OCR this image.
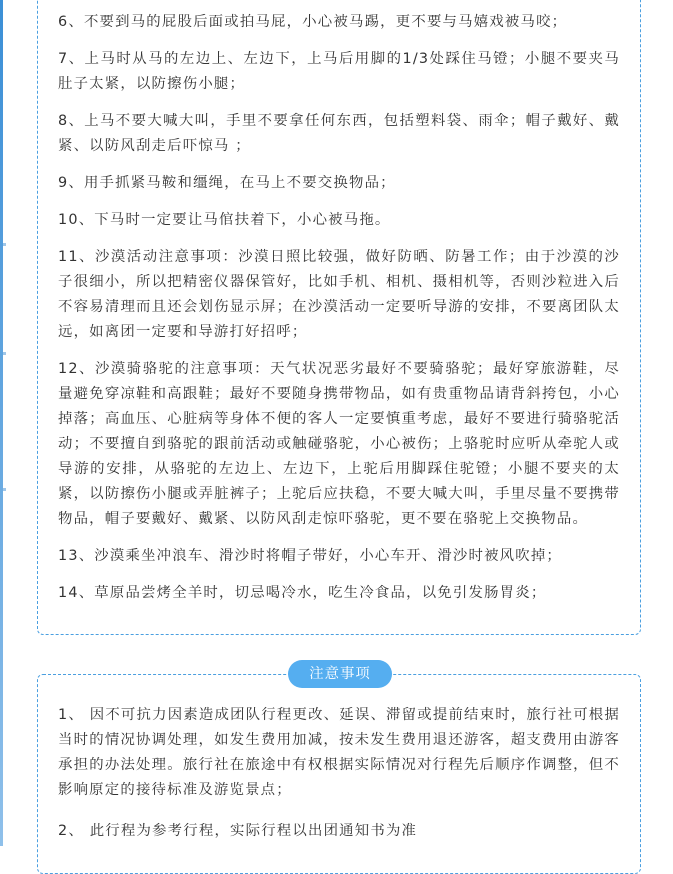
6、不要到马的屁股后面或拍马屁，小心被马踢，更不要与马嬉戏被马咬；

7、上马时从马的左边上、左边下，上马后用脚的1/3处踩住马镫；小腿不要夹马肚子太紧，以防擦伤小腿；

8、上马不要大喊大叫，手里不要拿任何东西，包括塑料袋、雨伞；帽子戴好、戴紧、以防风刮走后吓惊马 ；

9、用手抓紧马鞍和缰绳，在马上不要交换物品；

10、下马时一定要让马倌扶着下，小心被马拖。

11、沙漠活动注意事项：沙漠日照比较强，做好防晒、防暑工作；由于沙漠的沙子很细小，所以把精密仪器保管好，比如手机、相机、摄相机等，否则沙粒进入后不容易清理而且还会划伤显示屏；在沙漠活动一定要听导游的安排，不要离团队太远，如离团一定要和导游打好招呼；

12、沙漠骑骆驼的注意事项：天气状况恶劣最好不要骑骆驼；最好穿旅游鞋，尽量避免穿凉鞋和高跟鞋；最好不要随身携带物品，如有贵重物品请背斜挎包，小心掉落；高血压、心脏病等身体不便的客人一定要慎重考虑，最好不要进行骑骆驼活动；不要擅自到骆驼的跟前活动或触碰骆驼，小心被伤；上骆驼时应听从牵驼人或导游的安排，从骆驼的左边上、左边下，上驼后用脚踩住驼镫；小腿不要夹的太紧，以防擦伤小腿或弄脏裤子；上驼后应扶稳，不要大喊大叫，手里尽量不要携带物品，帽子要戴好、戴紧、以防风刮走惊吓骆驼，更不要在骆驼上交换物品。

13、沙漠乘坐冲浪车、滑沙时将帽子带好，小心车开、滑沙时被风吹掉；

14、草原品尝烤全羊时，切忌喝冷水，吃生冷食品，以免引发肠胃炎；

1、 因不可抗力因素造成团队行程更改、延误、滞留或提前结束时，旅行社可根据当时的情况协调处理，如发生费用加减，按未发生费用退还游客，超支费用由游客承担的办法处理。旅行社在旅途中有权根据实际情况对行程先后顺序作调整，但不影响原定的接待标准及游览景点；

2、 此行程为参考行程，实际行程以出团通知书为准

注意事项
